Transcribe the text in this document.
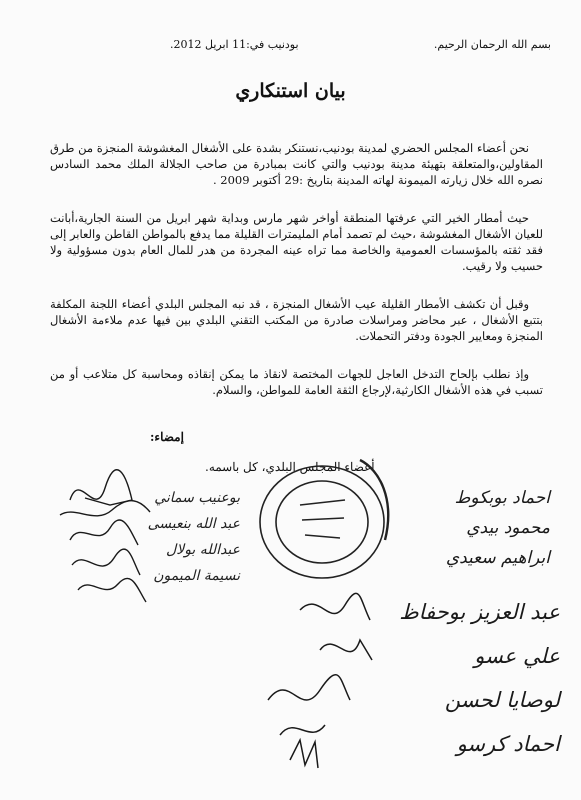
بسم الله الرحمان الرحيم.
بودنيب في:11 ابريل 2012.
بيان استنكاري

نحن أعضاء المجلس الحضري لمدينة بودنيب،نستنكر بشدة على الأشغال المغشوشة المنجزة من طرق المقاولين،والمتعلقة بتهيئة مدينة بودنيب والتي كانت بمبادرة من صاحب الجلالة الملك محمد السادس نصره الله خلال زيارته الميمونة لهاته المدينة بتاريخ :29 أكتوبر 2009 .

حيث أمطار الخير التي عرفتها المنطقة أواخر شهر مارس وبداية شهر ابريل من السنة الجارية،أبانت للعيان الأشغال المغشوشة ،حيث لم تصمد أمام المليمترات القليلة مما يدفع بالمواطن القاطن والعابر إلى فقد ثقته بالمؤسسات العمومية والخاصة مما تراه عينه المجردة من هدر للمال العام بدون مسؤولية ولا حسيب ولا رقيب.

وقبل أن تكشف الأمطار القليلة عيب الأشغال المنجزة ، قد نبه المجلس البلدي أعضاء اللجنة المكلفة بتتبع الأشغال ، عبر محاضر ومراسلات صادرة من المكتب التقني البلدي بين فيها عدم ملاءمة الأشغال المنجزة ومعايير الجودة ودفتر التحملات.

وإذ نطلب بإلحاح التدخل العاجل للجهات المختصة لانقاذ ما يمكن إنقاذه ومحاسبة كل متلاعب أو من تسبب في هذه الأشغال الكارثية،لإرجاع الثقة العامة للمواطن، والسلام.

إمضاء:
أعضاء المجلس البلدي، كل باسمه.
بوعنيب سماني
عبد الله بنعيسى
عبدالله بولال
نسيمة الميمون
احماد بوبكوط
محمود بيدي
ابراهيم سعيدي
عبد العزيز بوحفاظ
علي عسو
لوصايا لحسن
احماد كرسو
